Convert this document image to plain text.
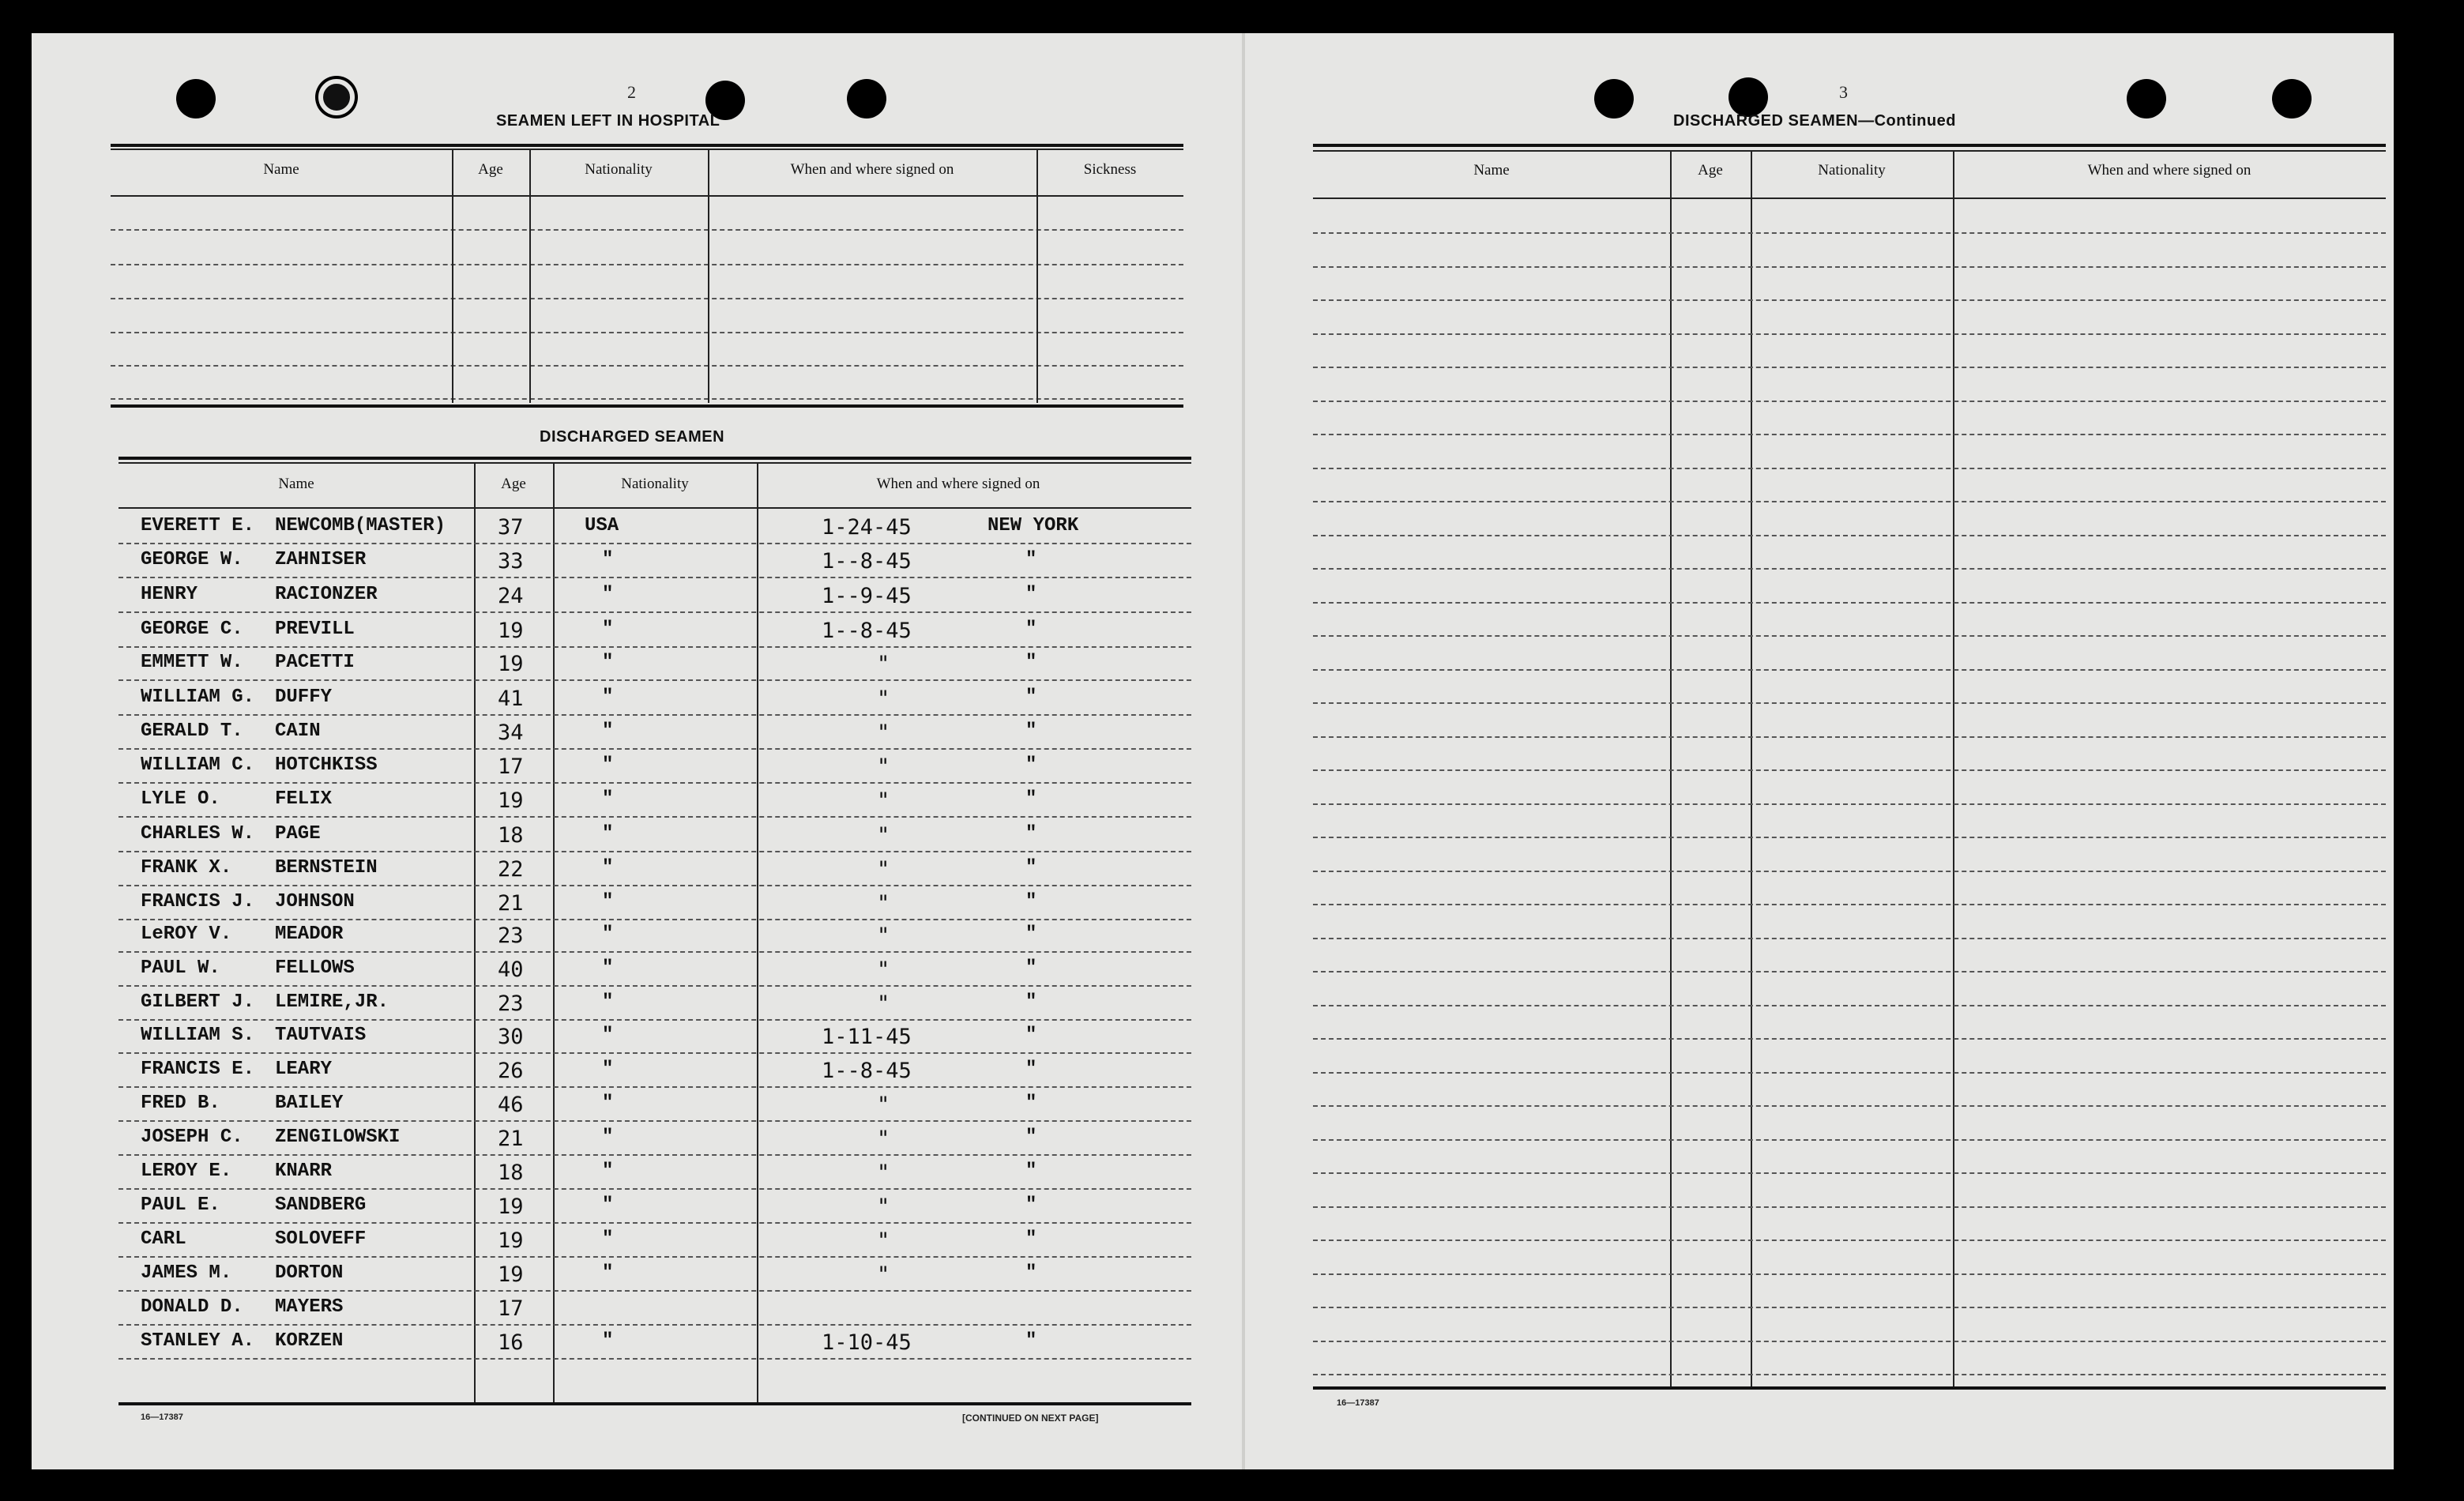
2
SEAMEN LEFT IN HOSPITAL
Name	Age	Nationality	When and where signed on	Sickness
DISCHARGED SEAMEN
Name	Age	Nationality	When and where signed on
EVERETT E. NEWCOMB(MASTER) 37	USA	1-24-45	NEW YORK
GEORGE W. ZAHNISER	33	"	1--8-45	"
HENRY	RACIONZER	24	"	1--9-45	"
GEORGE C. PREVILL	19	"	1--8-45	"
EMMETT W. PACETTI	19	"	"	"
WILLIAM G. DUFFY	41	"	"	"
GERALD T. CAIN	34	"	"	"
WILLIAM C. HOTCHKISS	17	"	"	"
LYLE O.	FELIX	19	"	"	"
CHARLES W. PAGE	18	"	"	"
FRANK X. BERNSTEIN	22	"	"	"
FRANCIS J. JOHNSON	21	"	"	"
LeROY V. MEADOR	23	"	"	"
PAUL W.	FELLOWS	40	"	"	"
GILBERT J. LEMIRE,JR.	23	"	"	"
WILLIAM S. TAUTVAIS	30	"	1-11-45	"
FRANCIS E. LEARY	26	"	1--8-45	"
FRED B.	BAILEY	46	"	"	"
JOSEPH C. ZENGILOWSKI	21	"	"	"
LEROY E. KNARR	18	"	"	"
PAUL E.	SANDBERG	19	"	"	"
CARL	SOLOVEFF	19	"	"	"
JAMES M. DORTON	19	"	"	"
DONALD D. MAYERS	17
STANLEY A. KORZEN	16	"	1-10-45	"
16—17387	[CONTINUED ON NEXT PAGE]
3
DISCHARGED SEAMEN—Continued
Name	Age	Nationality	When and where signed on
16—17387
